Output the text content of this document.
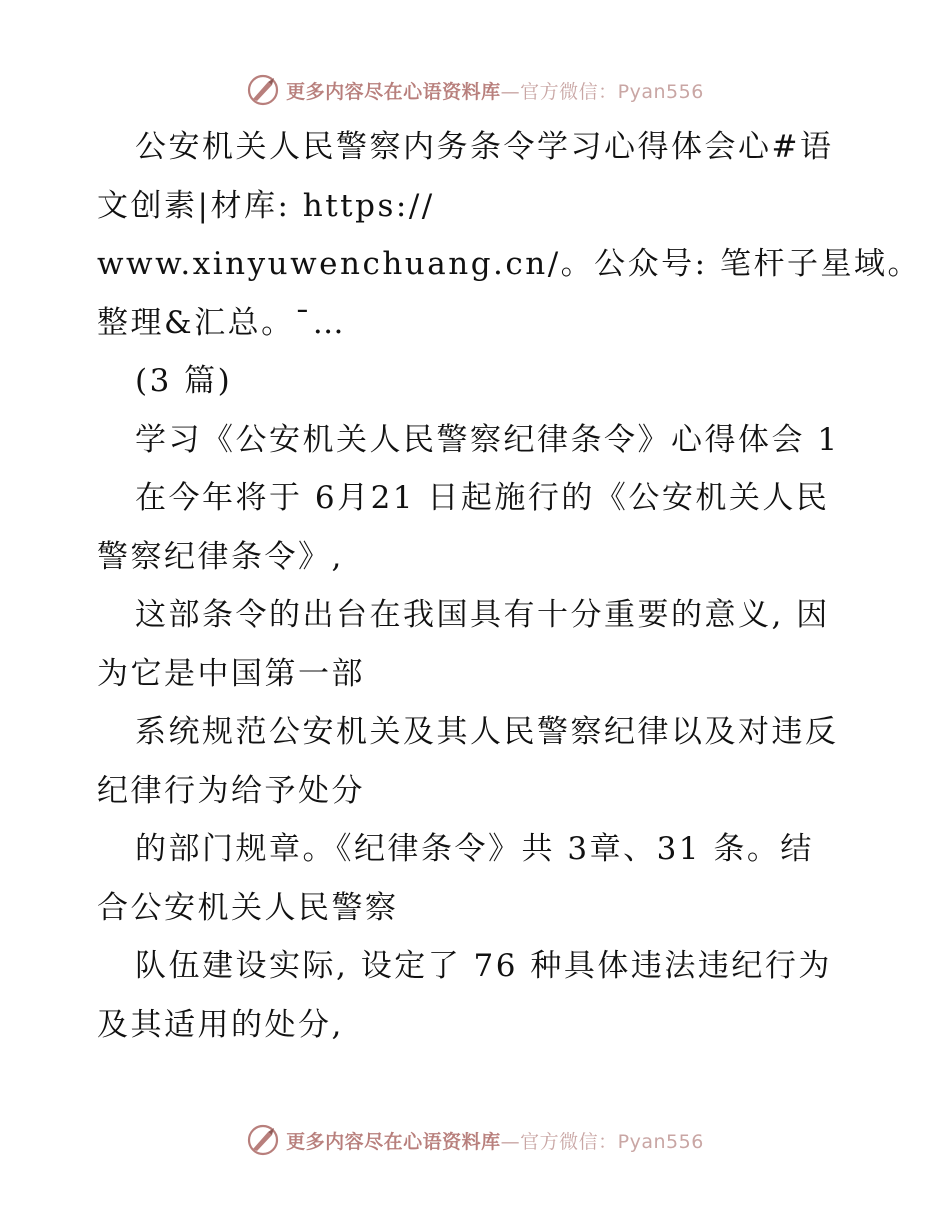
更多内容尽在心语资料库—官方微信：Pyan556
公安机关人民警察内务条令学习心得体会心#语
文创素|材库: https://
www.xinyuwenchuang.cn/。公众号: 笔杆子星域。
整理&汇总。¯…
(3 篇)
学习《公安机关人民警察纪律条令》心得体会 1
在今年将于 6月21 日起施行的《公安机关人民
警察纪律条令》,
这部条令的出台在我国具有十分重要的意义, 因
为它是中国第一部
系统规范公安机关及其人民警察纪律以及对违反
纪律行为给予处分
的部门规章。《纪律条令》共 3章、31 条。结
合公安机关人民警察
队伍建设实际, 设定了 76 种具体违法违纪行为
及其适用的处分,
更多内容尽在心语资料库—官方微信：Pyan556
